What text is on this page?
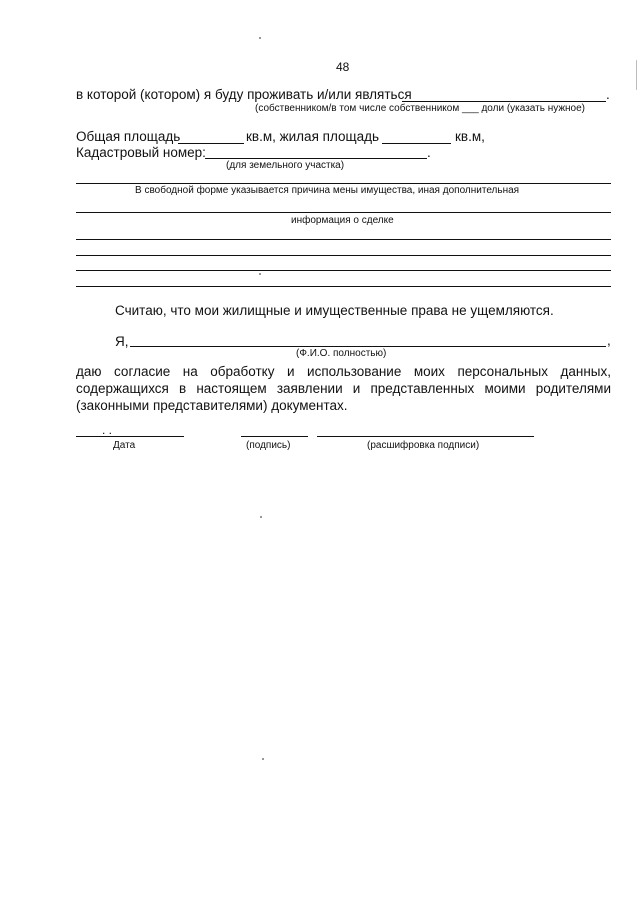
48
в которой (котором) я буду проживать и/или являться	.
(собственником/в том числе собственником ___ доли (указать нужное)
Общая площадь	кв.м, жилая площадь	кв.м,
Кадастровый номер:	.
(для земельного участка)
В свободной форме указывается причина мены имущества, иная дополнительная
информация о сделке
Считаю, что мои жилищные и имущественные права не ущемляются.
Я,	,
(Ф.И.О. полностью)
даю согласие на обработку и использование моих персональных данных,
содержащихся в настоящем заявлении и представленных моими родителями
(законными представителями) документах.
. .
Дата	(подпись)	(расшифровка подписи)
